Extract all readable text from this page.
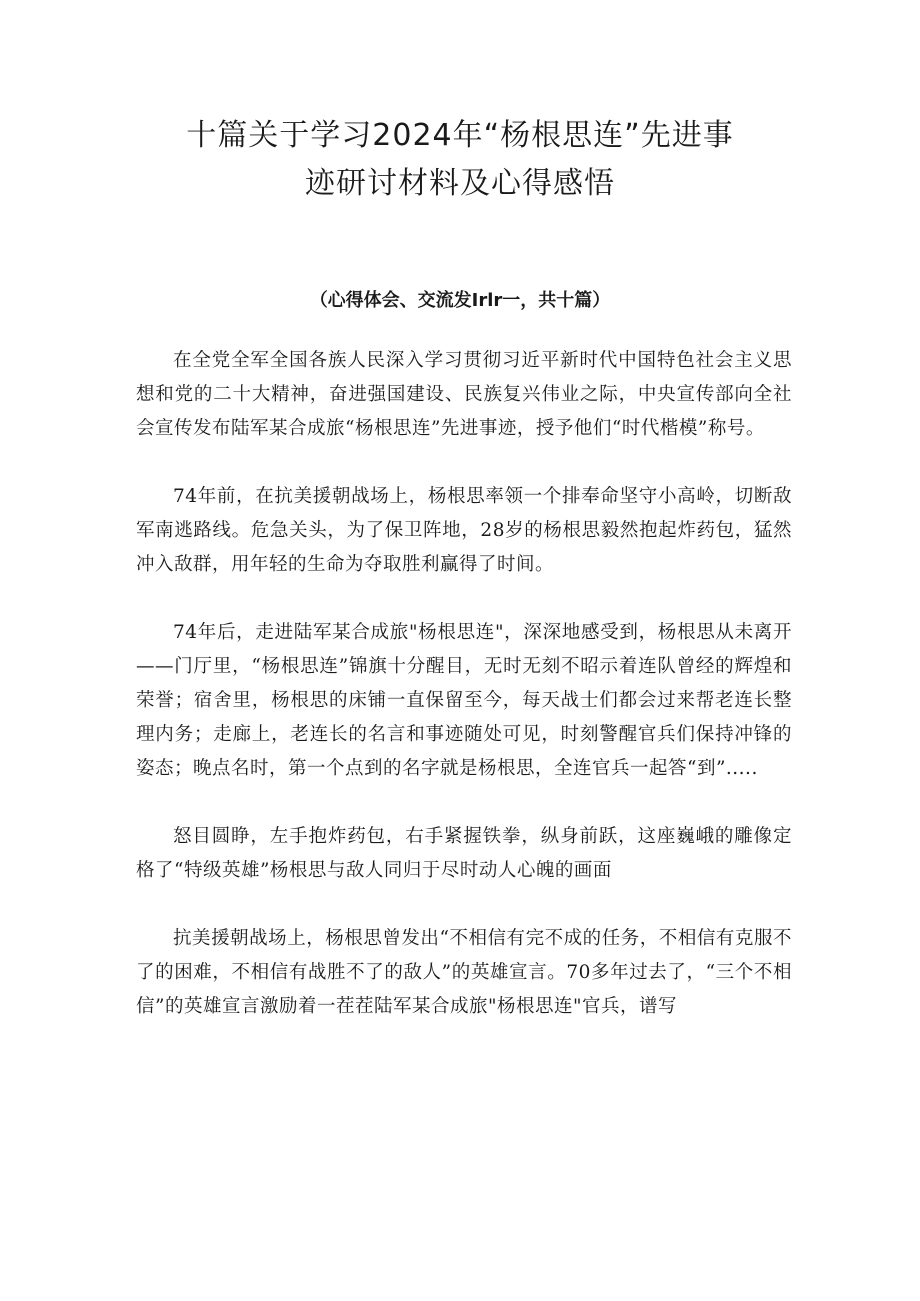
十篇关于学习2024年“杨根思连”先进事
迹研讨材料及心得感悟

（心得体会、交流发Irlr一，共十篇）

在全党全军全国各族人民深入学习贯彻习近平新时代中国特色社会主义思想和党的二十大精神，奋进强国建设、民族复兴伟业之际，中央宣传部向全社会宣传发布陆军某合成旅“杨根思连”先进事迹，授予他们“时代楷模”称号。

74年前，在抗美援朝战场上，杨根思率领一个排奉命坚守小高岭，切断敌军南逃路线。危急关头，为了保卫阵地，28岁的杨根思毅然抱起炸药包，猛然冲入敌群，用年轻的生命为夺取胜利赢得了时间。

74年后，走进陆军某合成旅"杨根思连"，深深地感受到，杨根思从未离开——门厅里，“杨根思连”锦旗十分醒目，无时无刻不昭示着连队曾经的辉煌和荣誉；宿舍里，杨根思的床铺一直保留至今，每天战士们都会过来帮老连长整理内务；走廊上，老连长的名言和事迹随处可见，时刻警醒官兵们保持冲锋的姿态；晚点名时，第一个点到的名字就是杨根思，全连官兵一起答“到”.....

怒目圆睁，左手抱炸药包，右手紧握铁拳，纵身前跃，这座巍峨的雕像定格了“特级英雄”杨根思与敌人同归于尽时动人心魄的画面

抗美援朝战场上，杨根思曾发出“不相信有完不成的任务，不相信有克服不了的困难，不相信有战胜不了的敌人”的英雄宣言。70多年过去了，“三个不相信”的英雄宣言激励着一茬茬陆军某合成旅"杨根思连"官兵，谱写
